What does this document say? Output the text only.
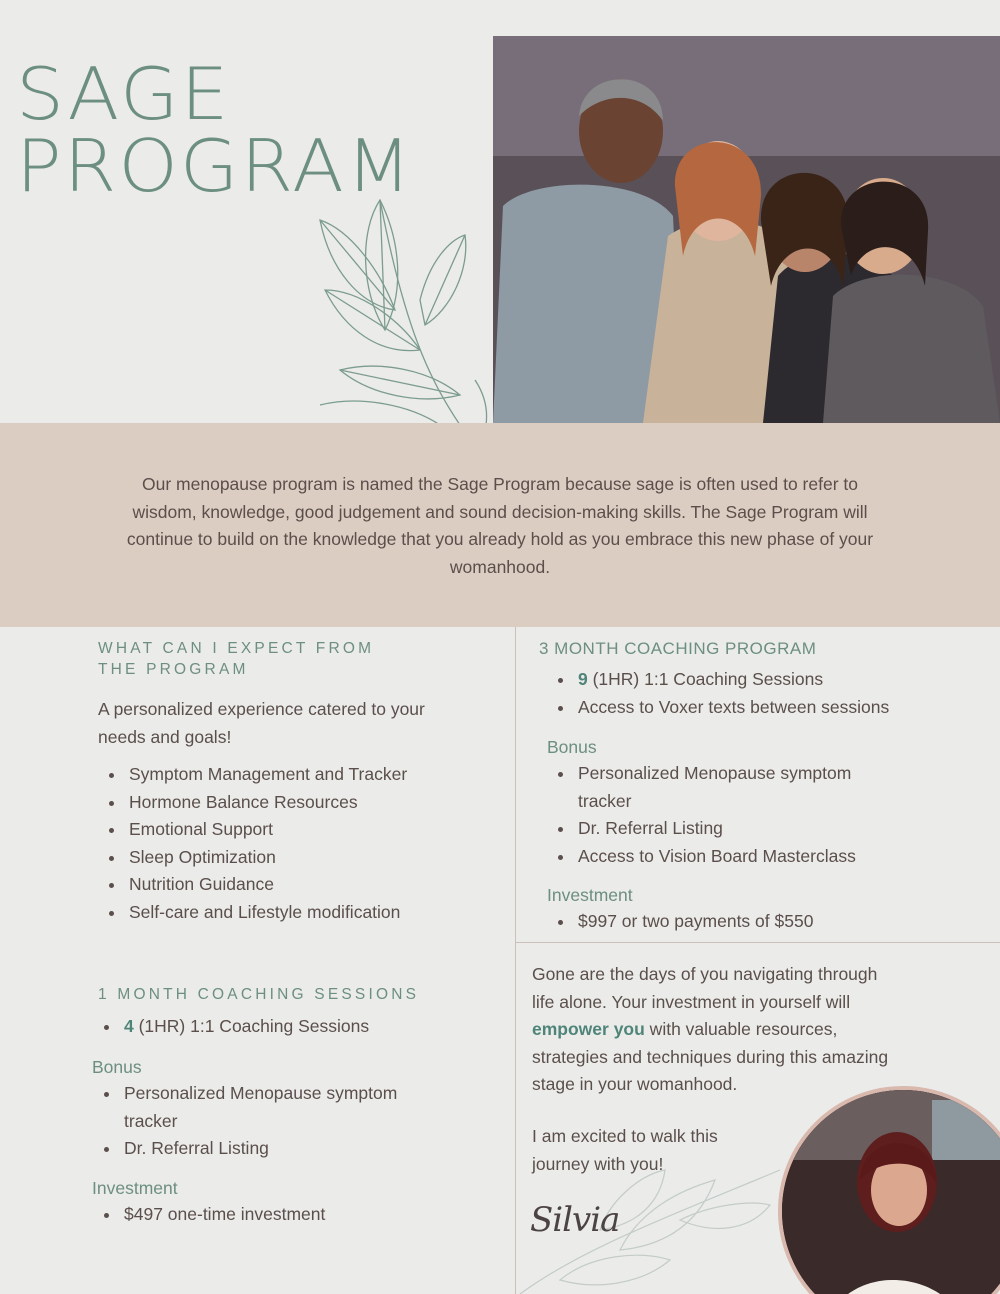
SAGE
PROGRAM

Our menopause program is named the Sage Program because sage is often used to refer to wisdom, knowledge, good judgement and sound decision-making skills. The Sage Program will continue to build on the knowledge that you already hold as you embrace this new phase of your womanhood.

WHAT CAN I EXPECT FROM
THE PROGRAM
A personalized experience catered to your
needs and goals!
Symptom Management and Tracker
Hormone Balance Resources
Emotional Support
Sleep Optimization
Nutrition Guidance
Self-care and Lifestyle modification
1 MONTH COACHING SESSIONS
4 (1HR) 1:1 Coaching Sessions
Bonus
Personalized Menopause symptom
tracker
Dr. Referral Listing
Investment
$497 one-time investment
3 MONTH COACHING PROGRAM
9 (1HR) 1:1 Coaching Sessions
Access to Voxer texts between sessions
Bonus
Personalized Menopause symptom
tracker
Dr. Referral Listing
Access to Vision Board Masterclass
Investment
$997 or two payments of $550
Gone are the days of you navigating through
life alone. Your investment in yourself will
empower you with valuable resources,
strategies and techniques during this amazing
stage in your womanhood.
I am excited to walk this
journey with you!
Silvia
